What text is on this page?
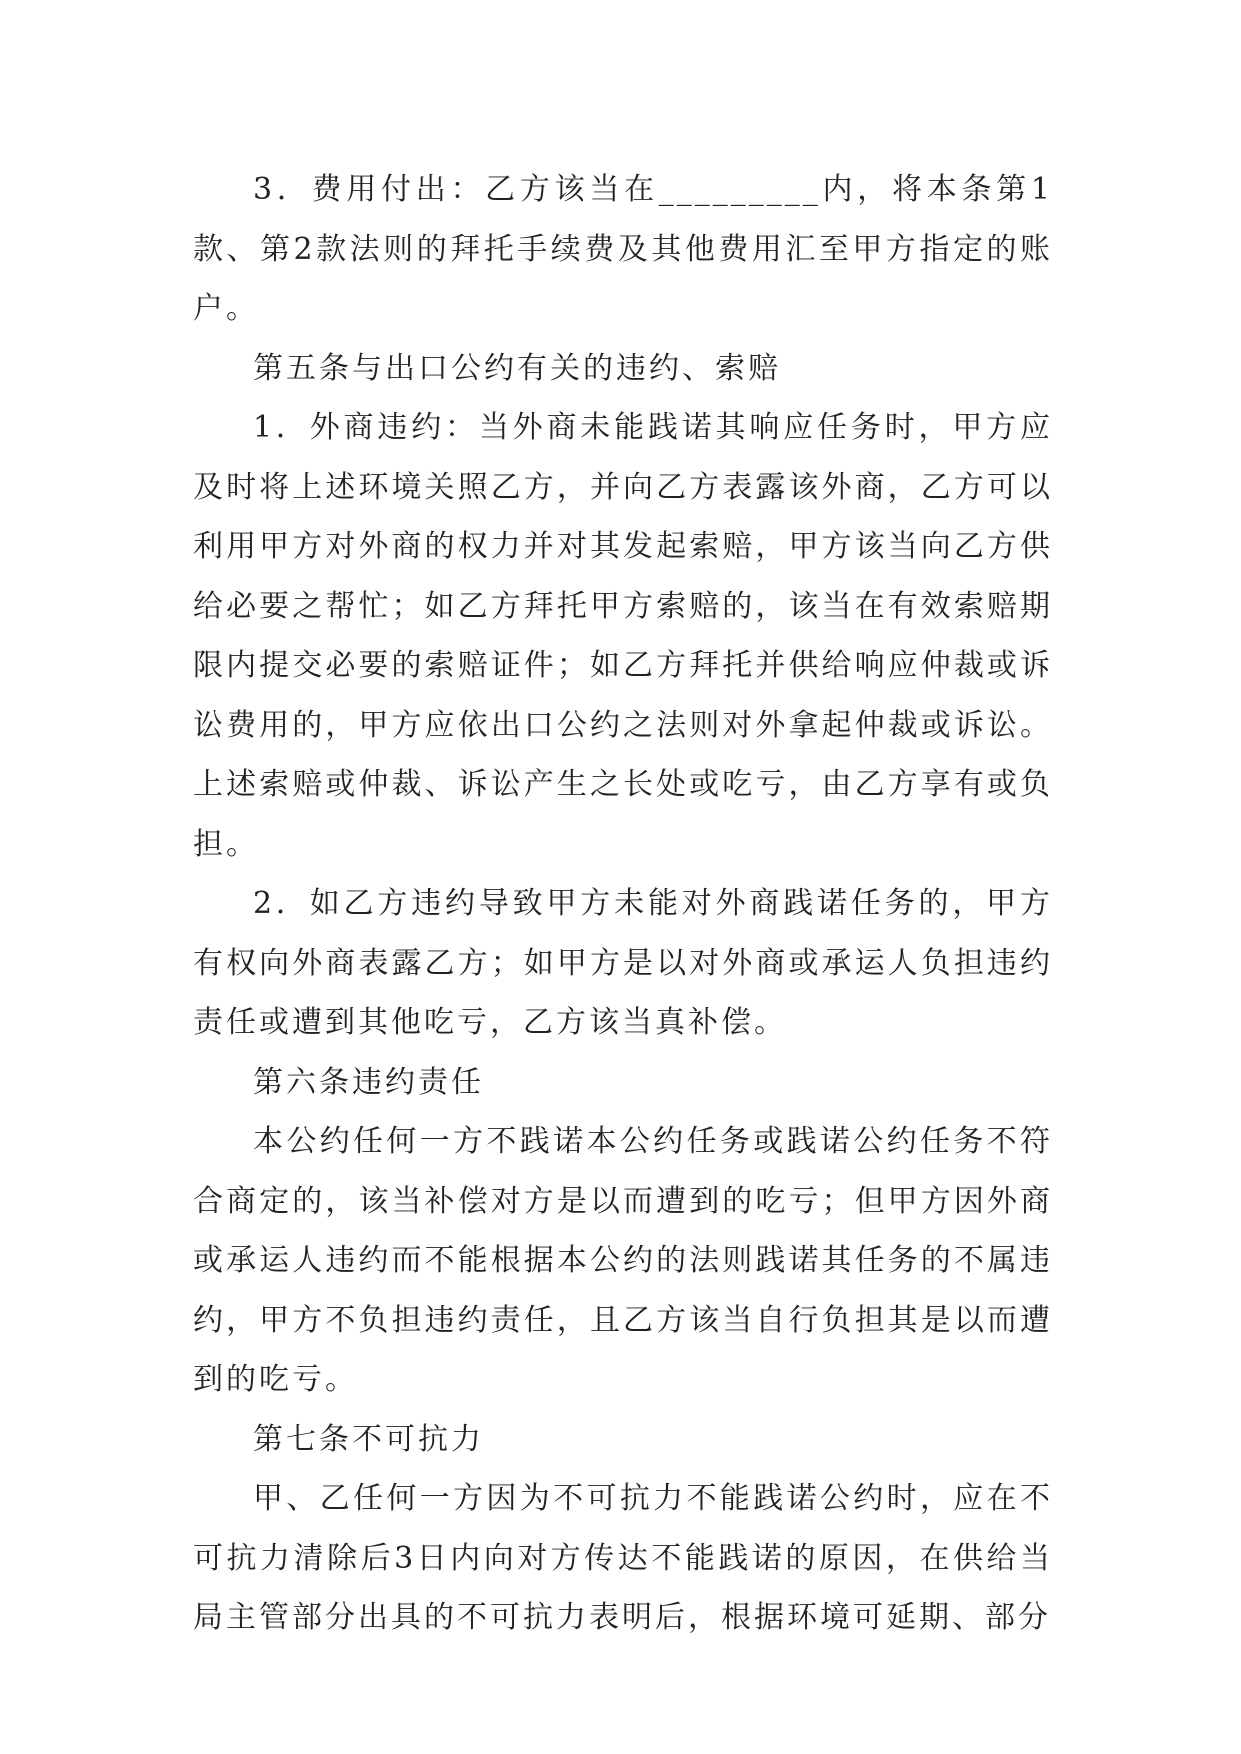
3．费用付出：乙方该当在_________内，将本条第1款、第2款法则的拜托手续费及其他费用汇至甲方指定的账户。

第五条与出口公约有关的违约、索赔

1．外商违约：当外商未能践诺其响应任务时，甲方应及时将上述环境关照乙方，并向乙方表露该外商，乙方可以利用甲方对外商的权力并对其发起索赔，甲方该当向乙方供给必要之帮忙；如乙方拜托甲方索赔的，该当在有效索赔期限内提交必要的索赔证件；如乙方拜托并供给响应仲裁或诉讼费用的，甲方应依出口公约之法则对外拿起仲裁或诉讼。上述索赔或仲裁、诉讼产生之长处或吃亏，由乙方享有或负担。

2．如乙方违约导致甲方未能对外商践诺任务的，甲方有权向外商表露乙方；如甲方是以对外商或承运人负担违约责任或遭到其他吃亏，乙方该当真补偿。

第六条违约责任

本公约任何一方不践诺本公约任务或践诺公约任务不符合商定的，该当补偿对方是以而遭到的吃亏；但甲方因外商或承运人违约而不能根据本公约的法则践诺其任务的不属违约，甲方不负担违约责任，且乙方该当自行负担其是以而遭到的吃亏。

第七条不可抗力

甲、乙任何一方因为不可抗力不能践诺公约时，应在不可抗力清除后3日内向对方传达不能践诺的原因，在供给当局主管部分出具的不可抗力表明后，根据环境可延期、部分
